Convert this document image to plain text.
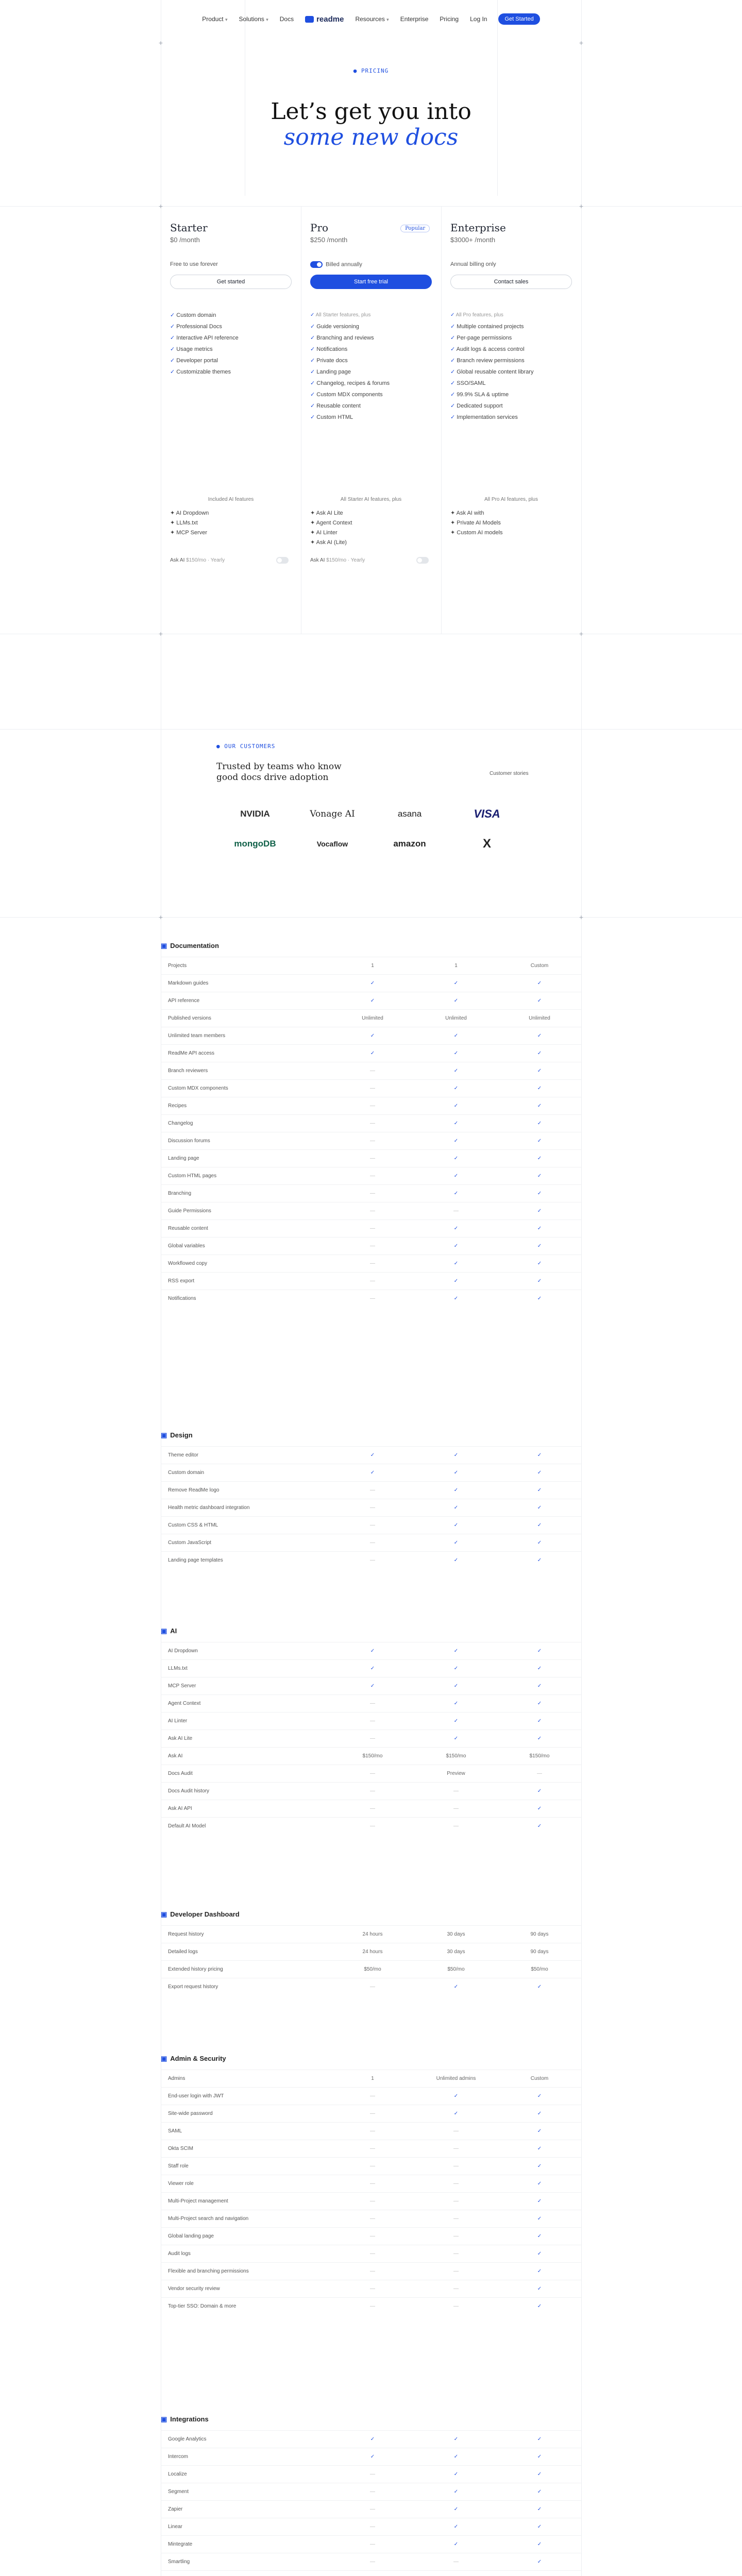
+	+
+	+
+	+
+	+
Product ▾ Solutions ▾ Docs	readme Resources ▾ Enterprise Pricing Log In	Get Started
● PRICING
Let’s get you into
some new docs
Starter
$0 /month
Free to use forever
Get started
✓ Custom domain
✓ Professional Docs
✓ Interactive API reference
✓ Usage metrics
✓ Developer portal
✓ Customizable themes
Pro	Popular
$250 /month
Billed annually
Start free trial
✓ All Starter features, plus
✓ Guide versioning
✓ Branching and reviews
✓ Notifications
✓ Private docs
✓ Landing page
✓ Changelog, recipes & forums
✓ Custom MDX components
✓ Reusable content
✓ Custom HTML
Enterprise
$3000+ /month
Annual billing only
Contact sales
✓ All Pro features, plus
✓ Multiple contained projects
✓ Per-page permissions
✓ Audit logs & access control
✓ Branch review permissions
✓ Global reusable content library
✓ SSO/SAML
✓ 99.9% SLA & uptime
✓ Dedicated support
✓ Implementation services
Included AI features
✦ AI Dropdown
✦ LLMs.txt
✦ MCP Server
Ask AI $150/mo · Yearly
All Starter AI features, plus
✦ Ask AI Lite
✦ Agent Context
✦ AI Linter
✦ Ask AI (Lite)
Ask AI $150/mo · Yearly
All Pro AI features, plus
✦ Ask AI with
✦ Private AI Models
✦ Custom AI models
● OUR CUSTOMERS
Trusted by teams who know good docs drive adoption	Customer stories
NVIDIA	Vonage AI	asana	VISA
mongoDB	Vocaflow	amazon	X
▣ Documentation
Projects	1	1	Custom
Markdown guides	✓	✓	✓
API reference	✓	✓	✓
Published versions	Unlimited	Unlimited	Unlimited
Unlimited team members	✓	✓	✓
ReadMe API access	✓	✓	✓
Branch reviewers	—	✓	✓
Custom MDX components	—	✓	✓
Recipes	—	✓	✓
Changelog	—	✓	✓
Discussion forums	—	✓	✓
Landing page	—	✓	✓
Custom HTML pages	—	✓	✓
Branching	—	✓	✓
Guide Permissions	—	—	✓
Reusable content	—	✓	✓
Global variables	—	✓	✓
Workflowed copy	—	✓	✓
RSS export	—	✓	✓
Notifications	—	✓	✓
▣ Design
Theme editor	✓	✓	✓
Custom domain	✓	✓	✓
Remove ReadMe logo	—	✓	✓
Health metric dashboard integration	—	✓	✓
Custom CSS & HTML	—	✓	✓
Custom JavaScript	—	✓	✓
Landing page templates	—	✓	✓
▣ AI
AI Dropdown	✓	✓	✓
LLMs.txt	✓	✓	✓
MCP Server	✓	✓	✓
Agent Context	—	✓	✓
AI Linter	—	✓	✓
Ask AI Lite	—	✓	✓
Ask AI	$150/mo	$150/mo	$150/mo
Docs Audit	—	Preview	—
Docs Audit history	—	—	✓
Ask AI API	—	—	✓
Default AI Model	—	—	✓
▣ Developer Dashboard
Request history	24 hours	30 days	90 days
Detailed logs	24 hours	30 days	90 days
Extended history pricing	$50/mo	$50/mo	$50/mo
Export request history	—	✓	✓
▣ Admin & Security
Admins	1	Unlimited admins	Custom
End-user login with JWT	—	✓	✓
Site-wide password	—	✓	✓
SAML	—	—	✓
Okta SCIM	—	—	✓
Staff role	—	—	✓
Viewer role	—	—	✓
Multi-Project management	—	—	✓
Multi-Project search and navigation	—	—	✓
Global landing page	—	—	✓
Audit logs	—	—	✓
Flexible and branching permissions	—	—	✓
Vendor security review	—	—	✓
Top-tier SSO: Domain & more	—	—	✓
▣ Integrations
Google Analytics	✓	✓	✓
Intercom	✓	✓	✓
Localize	—	✓	✓
Segment	—	✓	✓
Zapier	—	✓	✓
Linear	—	✓	✓
Mintegrate	—	✓	✓
Smartling	—	—	✓
